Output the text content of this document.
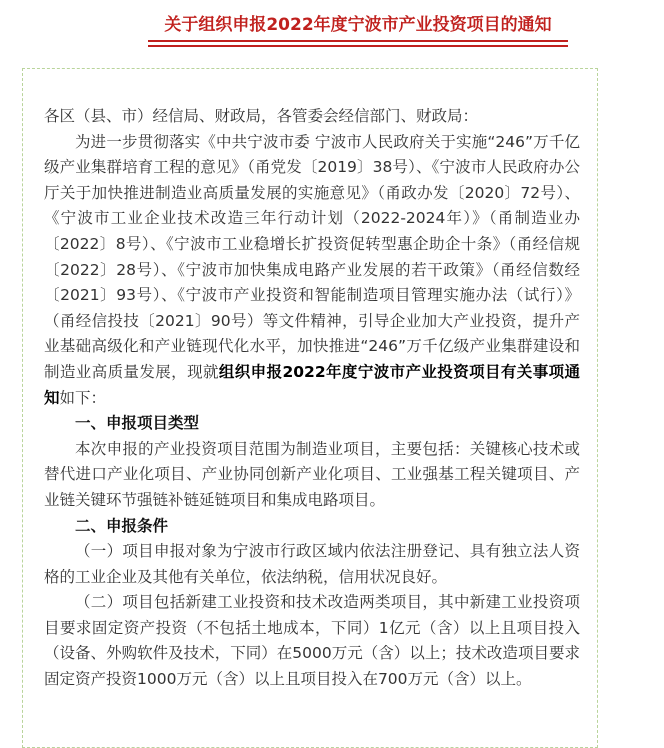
关于组织申报2022年度宁波市产业投资项目的通知

各区（县、市）经信局、财政局，各管委会经信部门、财政局：

为进一步贯彻落实《中共宁波市委 宁波市人民政府关于实施“246”万千亿级产业集群培育工程的意见》（甬党发〔2019〕38号）、《宁波市人民政府办公厅关于加快推进制造业高质量发展的实施意见》（甬政办发〔2020〕72号）、《宁波市工业企业技术改造三年行动计划（2022-2024年）》（甬制造业办〔2022〕8号）、《宁波市工业稳增长扩投资促转型惠企助企十条》（甬经信规〔2022〕28号）、《宁波市加快集成电路产业发展的若干政策》（甬经信数经〔2021〕93号）、《宁波市产业投资和智能制造项目管理实施办法（试行）》（甬经信投技〔2021〕90号）等文件精神，引导企业加大产业投资，提升产业基础高级化和产业链现代化水平，加快推进“246”万千亿级产业集群建设和制造业高质量发展，现就组织申报2022年度宁波市产业投资项目有关事项通知如下：

一、申报项目类型

本次申报的产业投资项目范围为制造业项目，主要包括：关键核心技术或替代进口产业化项目、产业协同创新产业化项目、工业强基工程关键项目、产业链关键环节强链补链延链项目和集成电路项目。

二、申报条件

（一）项目申报对象为宁波市行政区域内依法注册登记、具有独立法人资格的工业企业及其他有关单位，依法纳税，信用状况良好。

（二）项目包括新建工业投资和技术改造两类项目，其中新建工业投资项目要求固定资产投资（不包括土地成本，下同）1亿元（含）以上且项目投入（设备、外购软件及技术，下同）在5000万元（含）以上；技术改造项目要求固定资产投资1000万元（含）以上且项目投入在700万元（含）以上。
